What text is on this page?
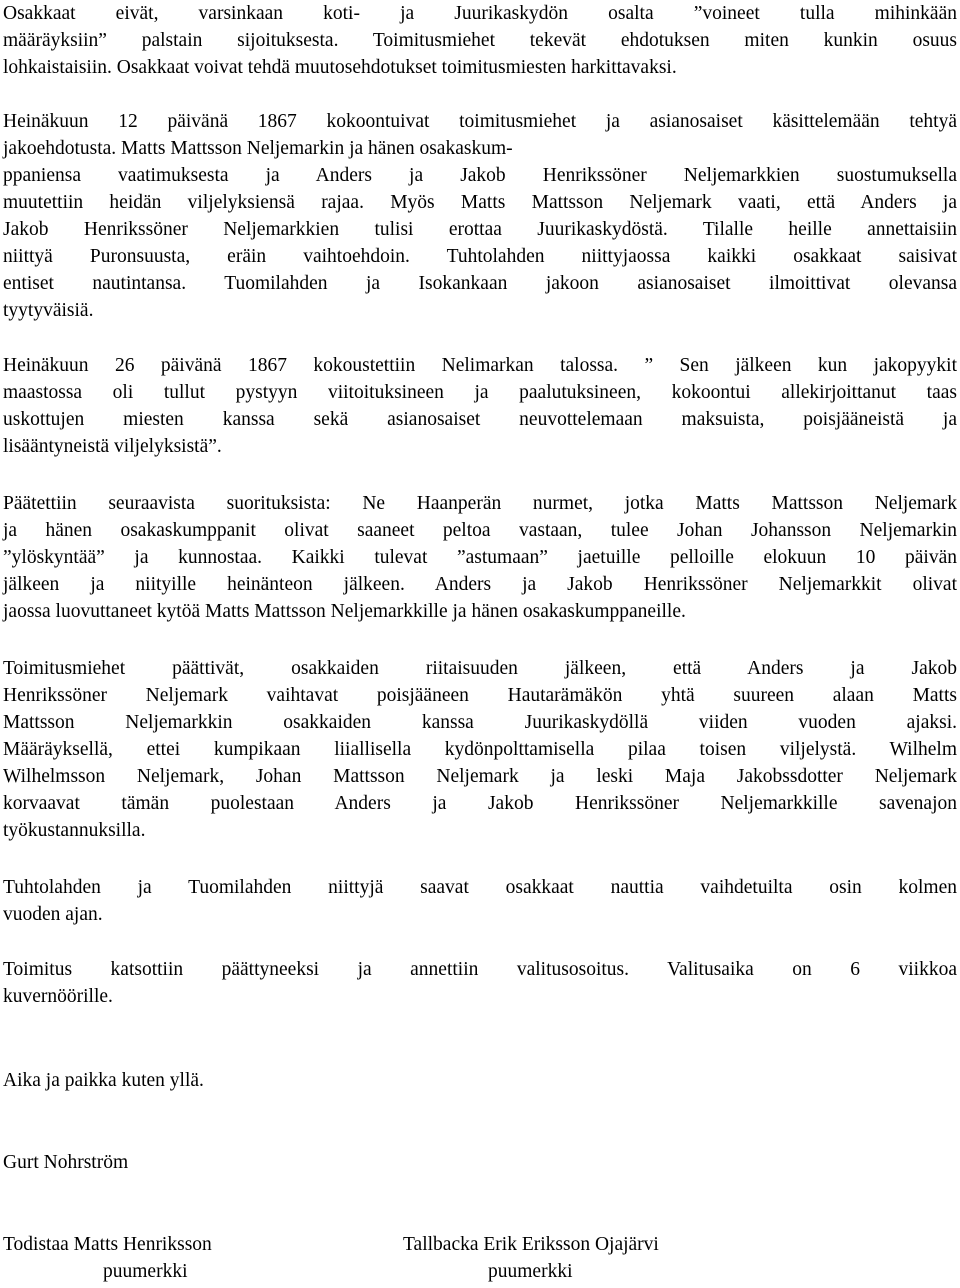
Osakkaat eivät, varsinkaan koti- ja Juurikaskydön osalta ”voineet tulla mihinkään
määräyksiin” palstain sijoituksesta. Toimitusmiehet tekevät ehdotuksen miten kunkin osuus
lohkaistaisiin. Osakkaat voivat tehdä muutosehdotukset toimitusmiesten harkittavaksi.

Heinäkuun 12 päivänä 1867 kokoontuivat toimitusmiehet ja asianosaiset käsittelemään tehtyä
jakoehdotusta. Matts Mattsson Neljemarkin ja hänen osakaskum-
ppaniensa vaatimuksesta ja Anders ja Jakob Henrikssöner Neljemarkkien suostumuksella
muutettiin heidän viljelyksiensä rajaa. Myös Matts Mattsson Neljemark vaati, että Anders ja
Jakob Henrikssöner Neljemarkkien tulisi erottaa Juurikaskydöstä. Tilalle heille annettaisiin
niittyä Puronsuusta, eräin vaihtoehdoin. Tuhtolahden niittyjaossa kaikki osakkaat saisivat
entiset nautintansa. Tuomilahden ja Isokankaan jakoon asianosaiset ilmoittivat olevansa
tyytyväisiä.

Heinäkuun 26 päivänä 1867 kokoustettiin Nelimarkan talossa. ” Sen jälkeen kun jakopyykit
maastossa oli tullut pystyyn viitoituksineen ja paalutuksineen, kokoontui allekirjoittanut taas
uskottujen miesten kanssa sekä asianosaiset neuvottelemaan maksuista, poisjääneistä ja
lisääntyneistä viljelyksistä”.

Päätettiin seuraavista suorituksista: Ne Haanperän nurmet, jotka Matts Mattsson Neljemark
ja hänen osakaskumppanit olivat saaneet peltoa vastaan, tulee Johan Johansson Neljemarkin
”ylöskyntää” ja kunnostaa. Kaikki tulevat ”astumaan” jaetuille pelloille elokuun 10 päivän
jälkeen ja niityille heinänteon jälkeen. Anders ja Jakob Henrikssöner Neljemarkkit olivat
jaossa luovuttaneet kytöä Matts Mattsson Neljemarkkille ja hänen osakaskumppaneille.

Toimitusmiehet päättivät, osakkaiden riitaisuuden jälkeen, että Anders ja Jakob
Henrikssöner Neljemark vaihtavat poisjääneen Hautarämäkön yhtä suureen alaan Matts
Mattsson Neljemarkkin osakkaiden kanssa Juurikaskydöllä viiden vuoden ajaksi.
Määräyksellä, ettei kumpikaan liiallisella kydönpolttamisella pilaa toisen viljelystä. Wilhelm
Wilhelmsson Neljemark, Johan Mattsson Neljemark ja leski Maja Jakobssdotter Neljemark
korvaavat tämän puolestaan Anders ja Jakob Henrikssöner Neljemarkkille savenajon
työkustannuksilla.

Tuhtolahden ja Tuomilahden niittyjä saavat osakkaat nauttia vaihdetuilta osin kolmen
vuoden ajan.

Toimitus katsottiin päättyneeksi ja annettiin valitusosoitus. Valitusaika on 6 viikkoa
kuvernöörille.

Aika ja paikka kuten yllä.

Gurt Nohrström

Todistaa Matts Henriksson
puumerkki
Tallbacka Erik Eriksson Ojajärvi
puumerkki
